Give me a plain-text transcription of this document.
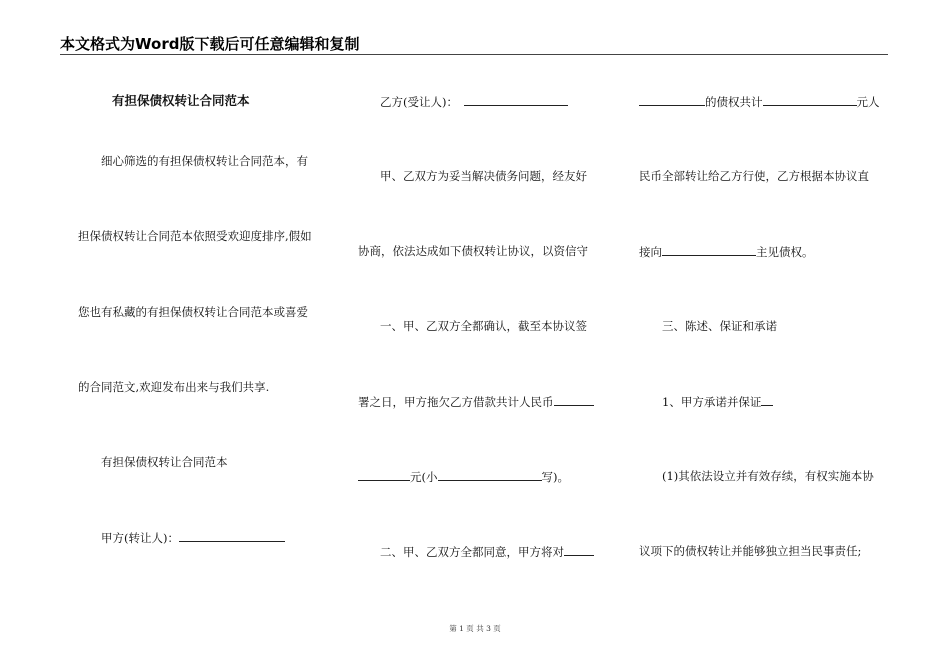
本文格式为Word版下载后可任意编辑和复制
有担保债权转让合同范本
细心筛选的有担保债权转让合同范本，有
担保债权转让合同范本依照受欢迎度排序,假如
您也有私藏的有担保债权转让合同范本或喜爱
的合同范文,欢迎发布出来与我们共享.
有担保债权转让合同范本
甲方(转让人)：
乙方(受让人)：
甲、乙双方为妥当解决债务问题，经友好
协商，依法达成如下债权转让协议，以资信守
一、甲、乙双方全都确认，截至本协议签
署之日，甲方拖欠乙方借款共计人民币
元(小	写)。
二、甲、乙双方全都同意，甲方将对
的债权共计	元人
民币全部转让给乙方行使，乙方根据本协议直
接向	主见债权。
三、陈述、保证和承诺
1、甲方承诺并保证
(1)其依法设立并有效存续，有权实施本协
议项下的债权转让并能够独立担当民事责任;
第 1 页 共 3 页
